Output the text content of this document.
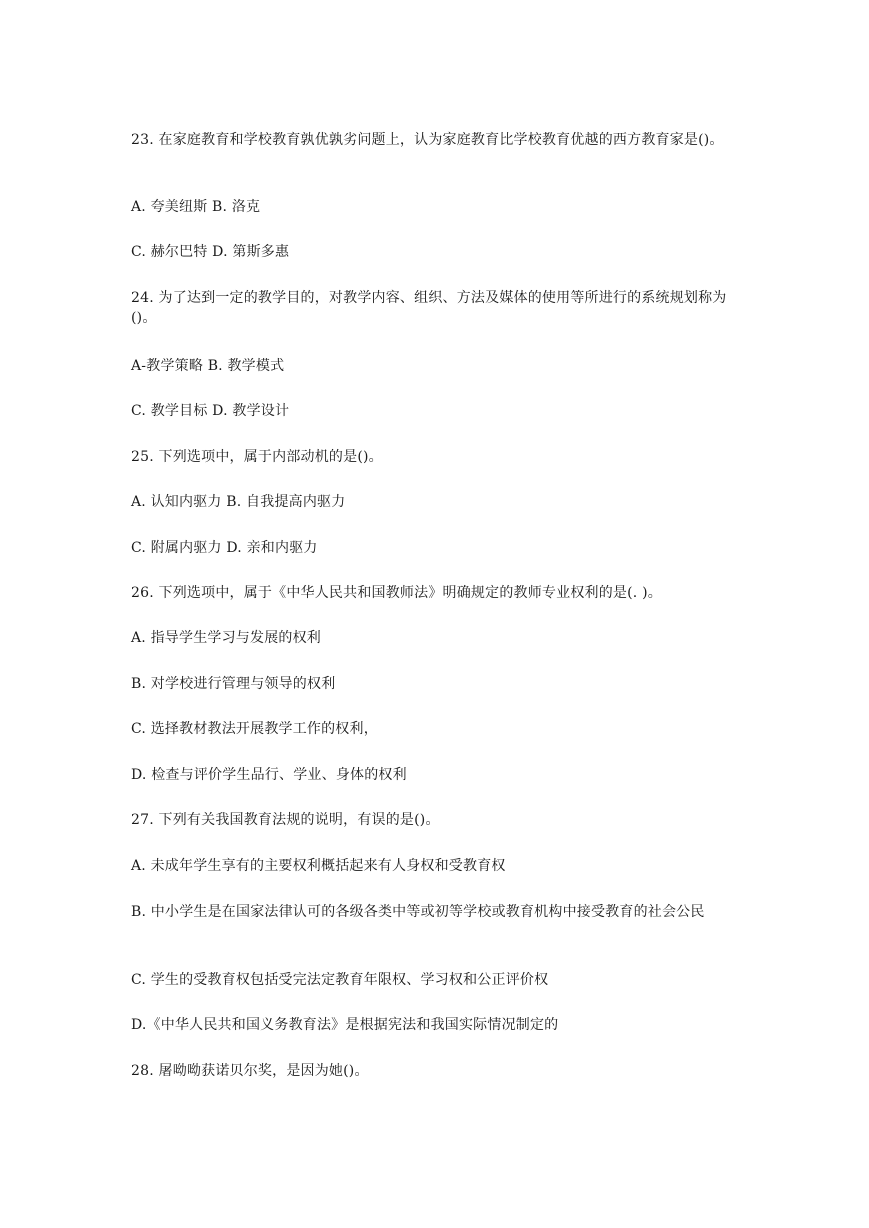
23. 在家庭教育和学校教育孰优孰劣问题上，认为家庭教育比学校教育优越的西方教育家是()。
A. 夸美纽斯 B. 洛克
C. 赫尔巴特 D. 第斯多惠
24. 为了达到一定的教学目的，对教学内容、组织、方法及媒体的使用等所进行的系统规划称为()。
A-教学策略 B. 教学模式
C. 教学目标 D. 教学设计
25. 下列选项中，属于内部动机的是()。
A. 认知内驱力 B. 自我提高内驱力
C. 附属内驱力 D. 亲和内驱力
26. 下列选项中，属于《中华人民共和国教师法》明确规定的教师专业权利的是(. )。
A. 指导学生学习与发展的权利
B. 对学校进行管理与领导的权利
C. 选择教材教法开展教学工作的权利，
D. 检查与评价学生品行、学业、身体的权利
27. 下列有关我国教育法规的说明，有误的是()。
A. 未成年学生享有的主要权利概括起来有人身权和受教育权
B. 中小学生是在国家法律认可的各级各类中等或初等学校或教育机构中接受教育的社会公民
C. 学生的受教育权包括受完法定教育年限权、学习权和公正评价权
D.《中华人民共和国义务教育法》是根据宪法和我国实际情况制定的
28. 屠呦呦获诺贝尔奖，是因为她()。
